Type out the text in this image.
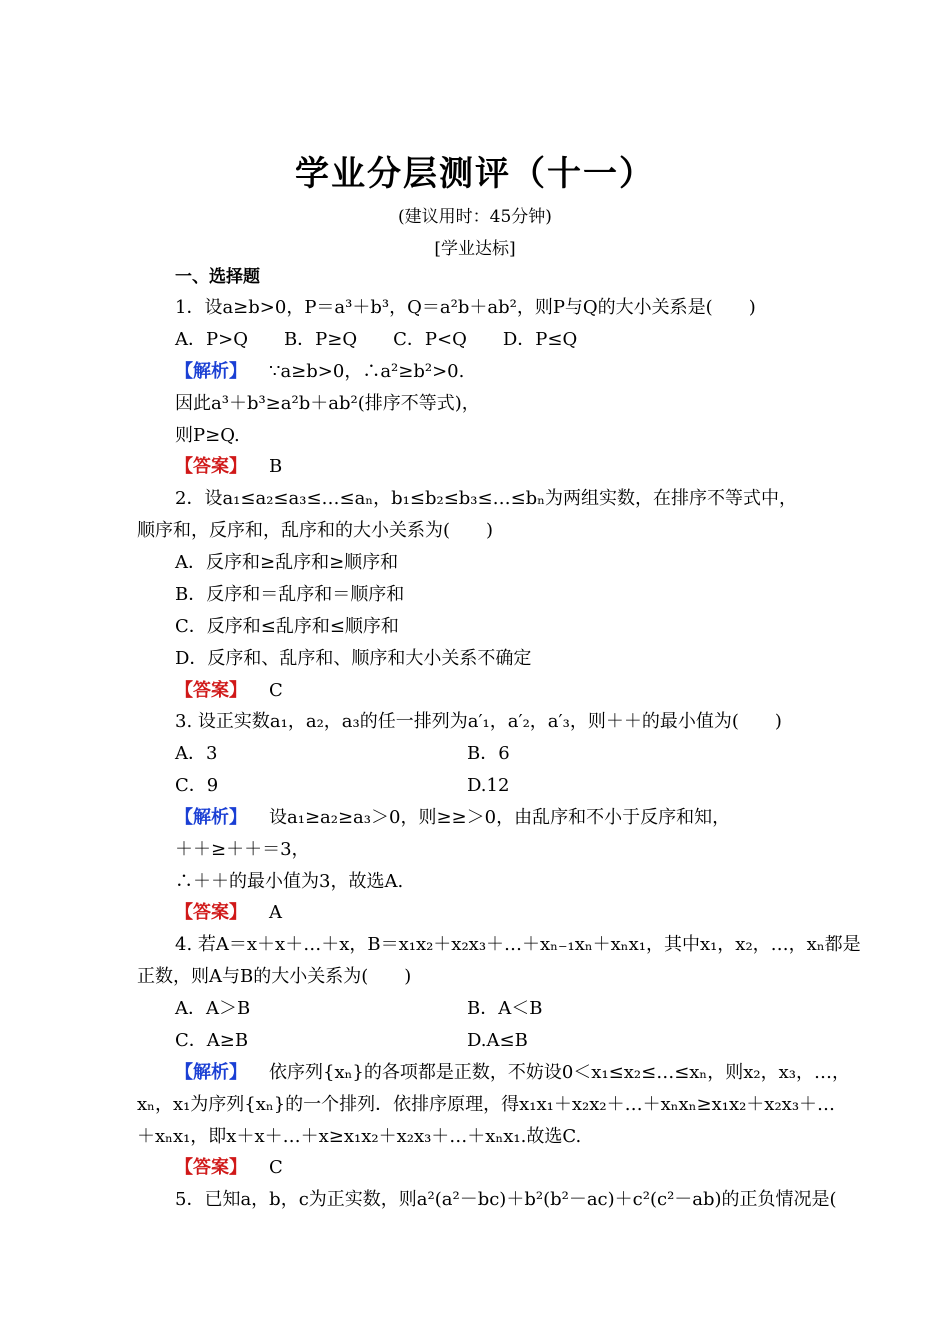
学业分层测评（十一）
(建议用时：45分钟)
[学业达标]
一、选择题
1．设a≥b>0，P＝a³＋b³，Q＝a²b＋ab²，则P与Q的大小关系是(　　)
A．P>Q　　B．P≥Q　　C．P<Q　　D．P≤Q
【解析】 ∵a≥b>0，∴a²≥b²>0.
因此a³＋b³≥a²b＋ab²(排序不等式)，
则P≥Q.
【答案】 B
2．设a₁≤a₂≤a₃≤…≤aₙ，b₁≤b₂≤b₃≤…≤bₙ为两组实数，在排序不等式中，
顺序和，反序和，乱序和的大小关系为(　　)
A．反序和≥乱序和≥顺序和
B．反序和＝乱序和＝顺序和
C．反序和≤乱序和≤顺序和
D．反序和、乱序和、顺序和大小关系不确定
【答案】 C
3. 设正实数a₁，a₂，a₃的任一排列为a′₁，a′₂，a′₃，则＋＋的最小值为(　　)
A．3	B．6
C．9	D.12
【解析】 设a₁≥a₂≥a₃＞0，则≥≥＞0，由乱序和不小于反序和知，
＋＋≥＋＋＝3，
∴＋＋的最小值为3，故选A.
【答案】 A
4. 若A＝x＋x＋…＋x，B＝x₁x₂＋x₂x₃＋…＋xₙ₋₁xₙ＋xₙx₁，其中x₁，x₂，…，xₙ都是
正数，则A与B的大小关系为(　　)
A．A＞B	B．A＜B
C．A≥B	D.A≤B
【解析】 依序列{xₙ}的各项都是正数，不妨设0＜x₁≤x₂≤…≤xₙ，则x₂，x₃，…，
xₙ，x₁为序列{xₙ}的一个排列．依排序原理，得x₁x₁＋x₂x₂＋…＋xₙxₙ≥x₁x₂＋x₂x₃＋…
＋xₙx₁，即x＋x＋…＋x≥x₁x₂＋x₂x₃＋…＋xₙx₁.故选C.
【答案】 C
5．已知a，b，c为正实数，则a²(a²－bc)＋b²(b²－ac)＋c²(c²－ab)的正负情况是(
